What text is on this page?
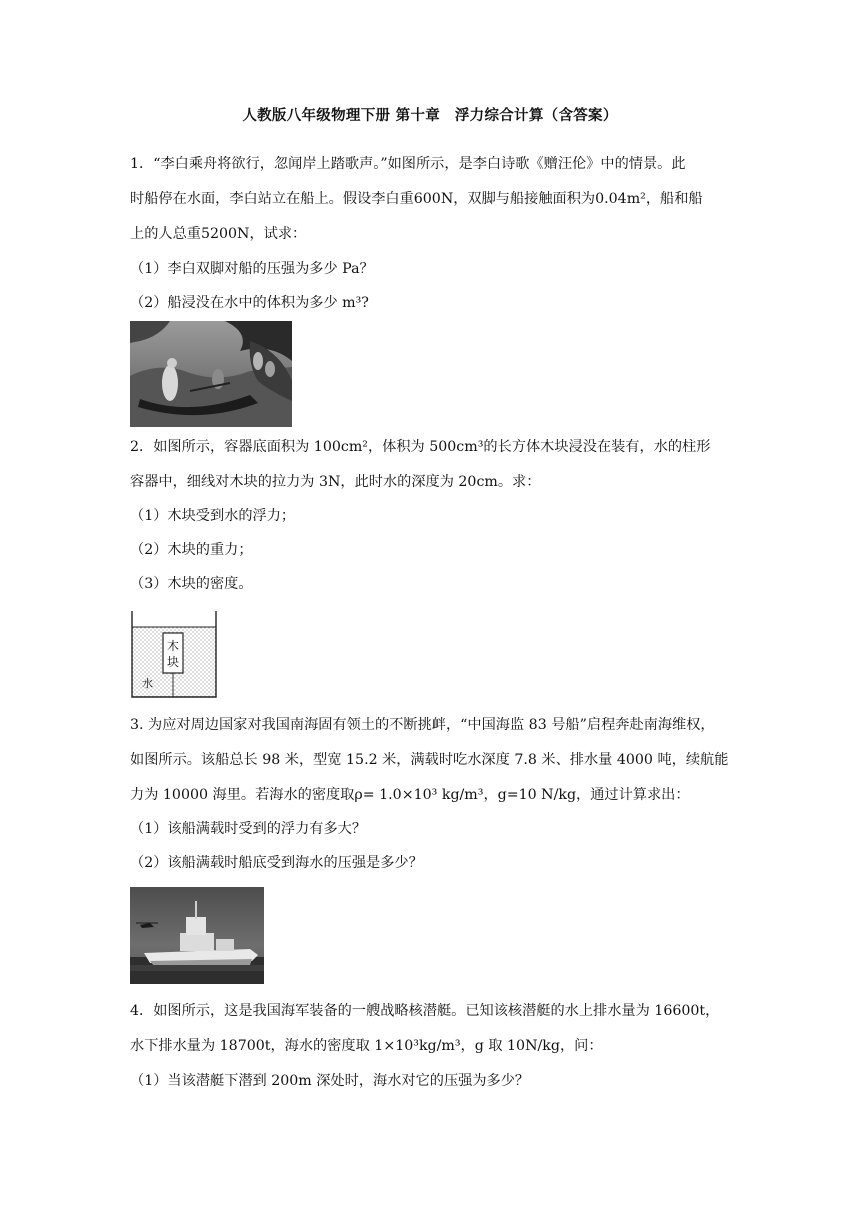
人教版八年级物理下册 第十章　浮力综合计算（含答案）
1．“李白乘舟将欲行，忽闻岸上踏歌声。”如图所示，是李白诗歌《赠汪伦》中的情景。此
时船停在水面，李白站立在船上。假设李白重600N，双脚与船接触面积为0.04m²，船和船
上的人总重5200N，试求：
（1）李白双脚对船的压强为多少 Pa？
（2）船浸没在水中的体积为多少 m³?
2．如图所示，容器底面积为 100cm²，体积为 500cm³的长方体木块浸没在装有，水的柱形
容器中，细线对木块的拉力为 3N，此时水的深度为 20cm。求：
（1）木块受到水的浮力；
（2）木块的重力；
（3）木块的密度。
木
块
水
3. 为应对周边国家对我国南海固有领土的不断挑衅，“中国海监 83 号船”启程奔赴南海维权，
如图所示。该船总长 98 米，型宽 15.2 米，满载时吃水深度 7.8 米、排水量 4000 吨，续航能
力为 10000 海里。若海水的密度取ρ= 1.0×10³ kg/m³，g=10 N/kg，通过计算求出：
（1）该船满载时受到的浮力有多大？
（2）该船满载时船底受到海水的压强是多少？
4．如图所示，这是我国海军装备的一艘战略核潜艇。已知该核潜艇的水上排水量为 16600t，
水下排水量为 18700t，海水的密度取 1×10³kg/m³，g 取 10N/kg，问：
（1）当该潜艇下潜到 200m 深处时，海水对它的压强为多少？
